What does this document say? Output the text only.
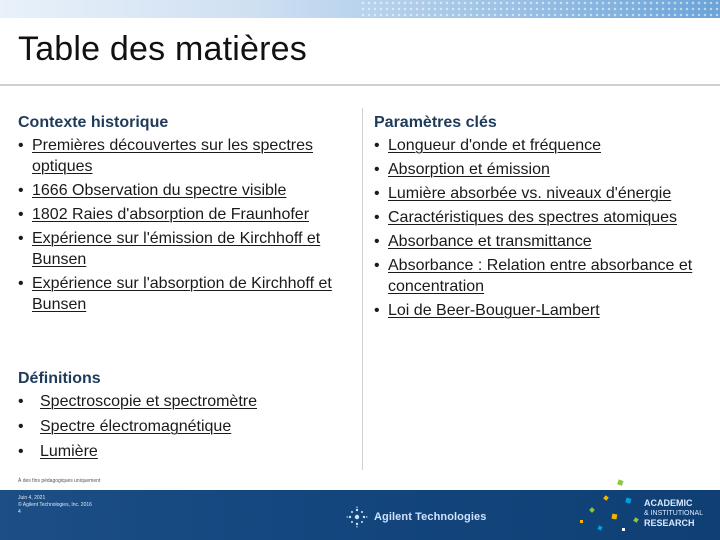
Table des matières
Contexte historique
• Premières découvertes sur les spectres optiques
• 1666 Observation du spectre visible
• 1802 Raies d'absorption de Fraunhofer
• Expérience sur l'émission de Kirchhoff et Bunsen
• Expérience sur l'absorption de Kirchhoff et Bunsen
Définitions
• Spectroscopie et spectromètre
• Spectre électromagnétique
• Lumière
Paramètres clés
• Longueur d'onde et fréquence
• Absorption et émission
• Lumière absorbée vs. niveaux d'énergie
• Caractéristiques des spectres atomiques
• Absorbance et transmittance
• Absorbance : Relation entre absorbance et concentration
• Loi de Beer-Bouguer-Lambert
À des fins pédagogiques uniquement
Juin 4, 2021
© Agilent Technologies, Inc. 2016
4	Agilent Technologies
ACADEMIC
& INSTITUTIONAL
RESEARCH
